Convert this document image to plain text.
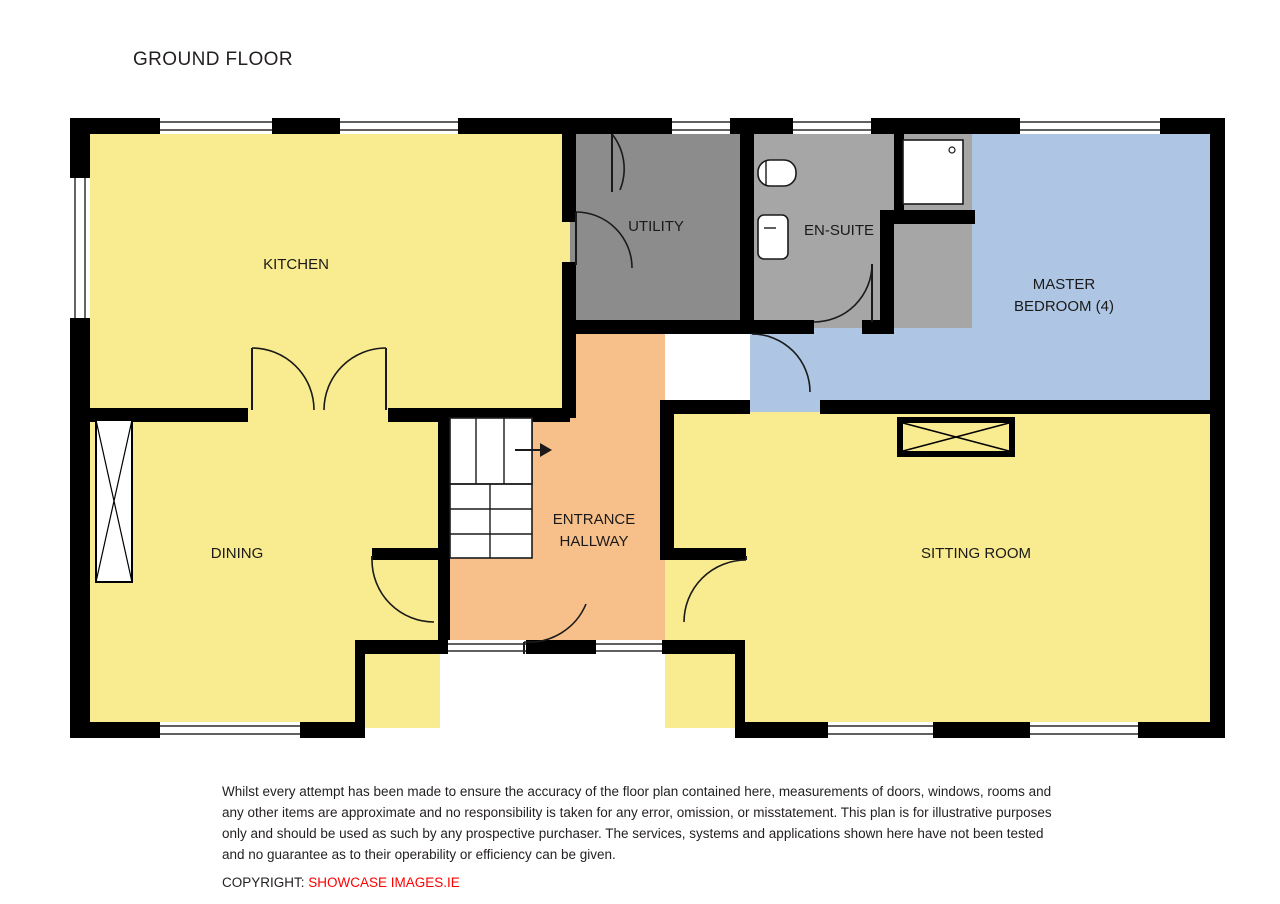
GROUND FLOOR
KITCHEN
UTILITY	EN-SUITE
MASTER
BEDROOM (4)
DINING
ENTRANCE
HALLWAY
SITTING ROOM
Whilst every attempt has been made to ensure the accuracy of the floor plan contained here, measurements of doors, windows, rooms and any other items are approximate and no responsibility is taken for any error, omission, or misstatement. This plan is for illustrative purposes only and should be used as such by any prospective purchaser. The services, systems and applications shown here have not been tested and no guarantee as to their operability or efficiency can be given.
COPYRIGHT: SHOWCASE IMAGES.IE
